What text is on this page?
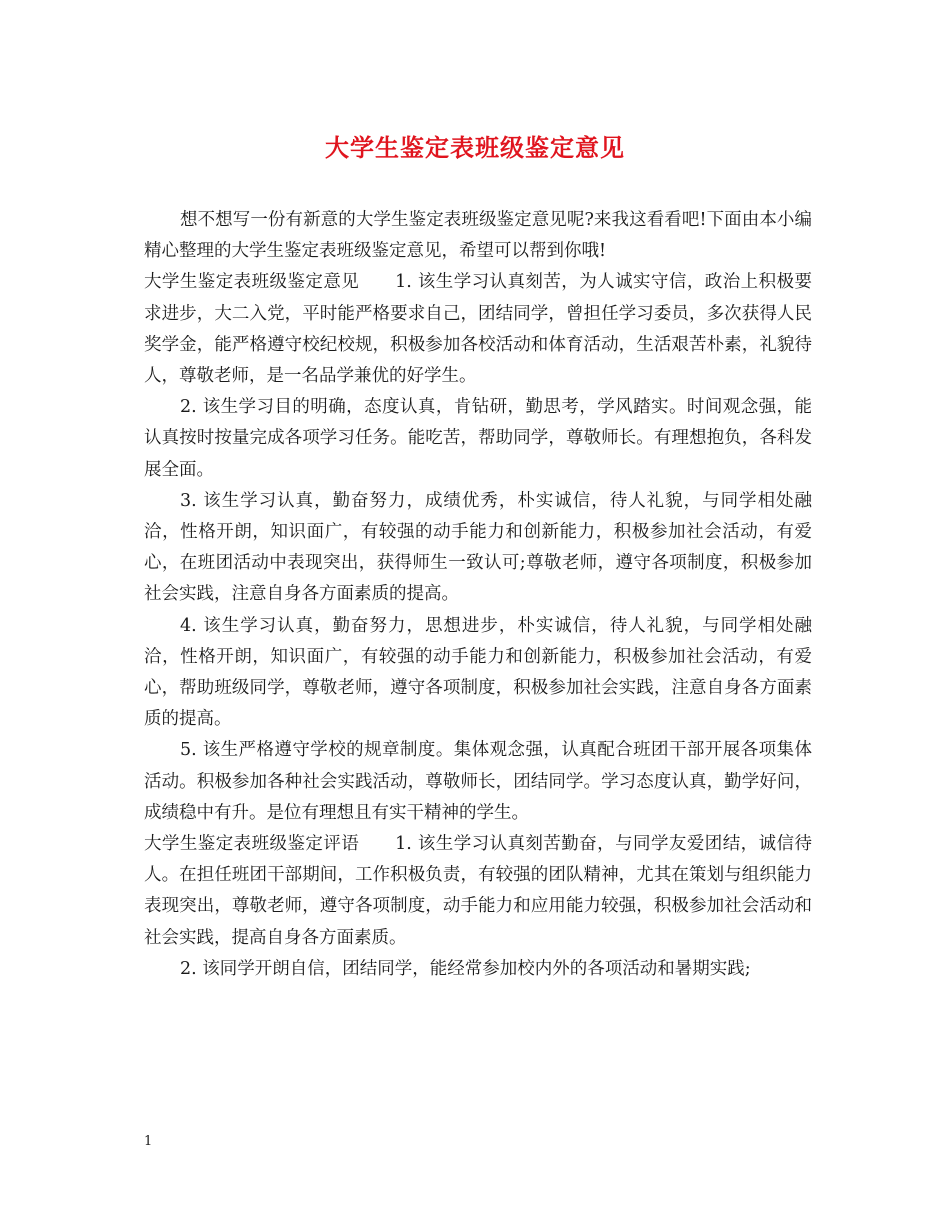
大学生鉴定表班级鉴定意见

想不想写一份有新意的大学生鉴定表班级鉴定意见呢?来我这看看吧!下面由本小编精心整理的大学生鉴定表班级鉴定意见，希望可以帮到你哦!

大学生鉴定表班级鉴定意见　　1. 该生学习认真刻苦，为人诚实守信，政治上积极要求进步，大二入党，平时能严格要求自己，团结同学，曾担任学习委员，多次获得人民奖学金，能严格遵守校纪校规，积极参加各校活动和体育活动，生活艰苦朴素，礼貌待人，尊敬老师，是一名品学兼优的好学生。

2. 该生学习目的明确，态度认真，肯钻研，勤思考，学风踏实。时间观念强，能认真按时按量完成各项学习任务。能吃苦，帮助同学，尊敬师长。有理想抱负，各科发展全面。

3. 该生学习认真，勤奋努力，成绩优秀，朴实诚信，待人礼貌，与同学相处融洽，性格开朗，知识面广，有较强的动手能力和创新能力，积极参加社会活动，有爱心，在班团活动中表现突出，获得师生一致认可;尊敬老师，遵守各项制度，积极参加社会实践，注意自身各方面素质的提高。

4. 该生学习认真，勤奋努力，思想进步，朴实诚信，待人礼貌，与同学相处融洽，性格开朗，知识面广，有较强的动手能力和创新能力，积极参加社会活动，有爱心，帮助班级同学，尊敬老师，遵守各项制度，积极参加社会实践，注意自身各方面素质的提高。

5. 该生严格遵守学校的规章制度。集体观念强，认真配合班团干部开展各项集体活动。积极参加各种社会实践活动，尊敬师长，团结同学。学习态度认真，勤学好问，成绩稳中有升。是位有理想且有实干精神的学生。

大学生鉴定表班级鉴定评语　　1. 该生学习认真刻苦勤奋，与同学友爱团结，诚信待人。在担任班团干部期间，工作积极负责，有较强的团队精神，尤其在策划与组织能力表现突出，尊敬老师，遵守各项制度，动手能力和应用能力较强，积极参加社会活动和社会实践，提高自身各方面素质。

2. 该同学开朗自信，团结同学，能经常参加校内外的各项活动和暑期实践;

1
